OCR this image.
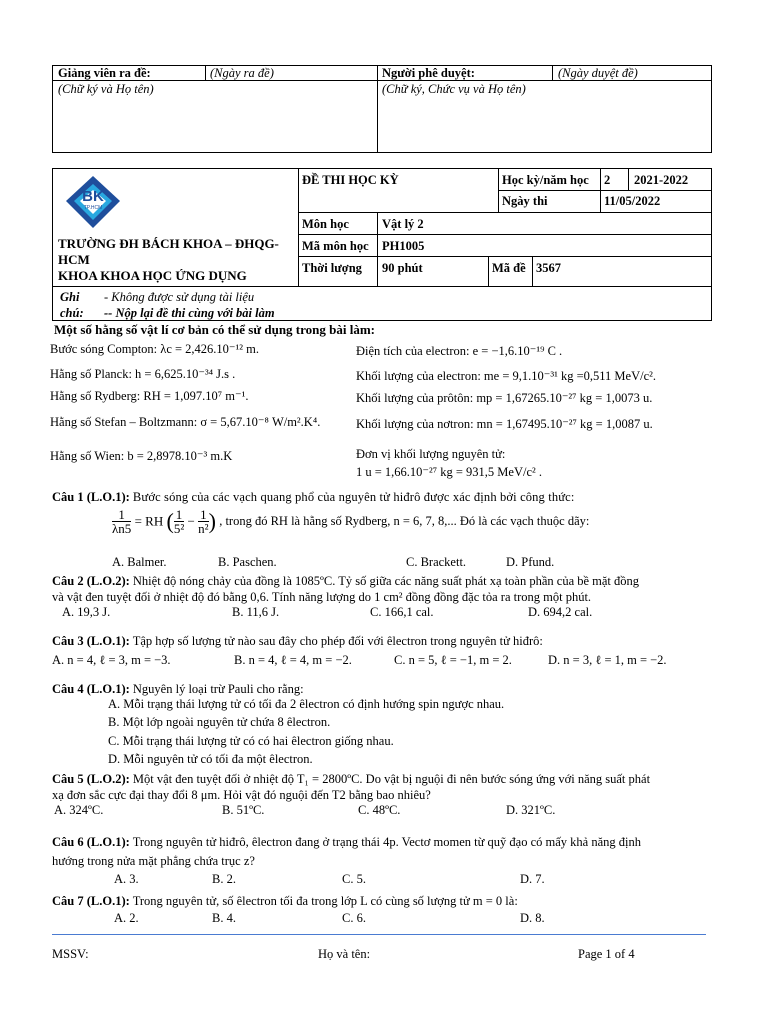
Giảng viên ra đề:	(Ngày ra đề)
(Chữ ký và Họ tên)
Người phê duyệt:	(Ngày duyệt đề)
(Chữ ký, Chức vụ và Họ tên)
BK
TP.HCM
TRƯỜNG ĐH BÁCH KHOA – ĐHQG-
HCM
KHOA KHOA HỌC ỨNG DỤNG
ĐỀ THI HỌC KỲ	Học kỳ/năm học 2 2021-2022
Ngày thi	11/05/2022
Môn học	Vật lý 2
Mã môn học PH1005
Thời lượng 90 phút	Mã đề 3567
Ghi
chú:
- Không được sử dụng tài liệu
-- Nộp lại đề thi cùng với bài làm
Một số hằng số vật lí cơ bản có thể sử dụng trong bài làm:
Bước sóng Compton: λc = 2,426.10⁻¹² m.
Hằng số Planck: h = 6,625.10⁻³⁴ J.s .
Hằng số Rydberg: RH = 1,097.10⁷ m⁻¹.
Hằng số Stefan – Boltzmann: σ = 5,67.10⁻⁸ W/m².K⁴.
Hằng số Wien: b = 2,8978.10⁻³ m.K
Điện tích của electron: e = −1,6.10⁻¹⁹ C .
Khối lượng của electron: me = 9,1.10⁻³¹ kg =0,511 MeV/c².
Khối lượng của prôtôn: mp = 1,67265.10⁻²⁷ kg = 1,0073 u.
Khối lượng của nơtron: mn = 1,67495.10⁻²⁷ kg = 1,0087 u.
Đơn vị khối lượng nguyên tử:
1 u = 1,66.10⁻²⁷ kg = 931,5 MeV/c² .
Câu 1 (L.O.1): Bước sóng của các vạch quang phổ của nguyên tử hiđrô được xác định bởi công thức:
$\frac{1}{\lambda n5}$ = RH ( $\frac{1}{\text{5²}} - \frac{1}{\text{n²}}$ ) , trong đó RH là hằng số Rydberg, n = 6, 7, 8,... Đó là các vạch thuộc dãy:
A. Balmer.	B. Paschen.	C. Brackett.	D. Pfund.
Câu 2 (L.O.2): Nhiệt độ nóng chảy của đồng là 1085ºC. Tỷ số giữa các năng suất phát xạ toàn phần của bề mặt đồng
và vật đen tuyệt đối ở nhiệt độ đó bằng 0,6. Tính năng lượng do 1 cm² đồng đồng đặc tỏa ra trong một phút.
A. 19,3 J.	B. 11,6 J.	C. 166,1 cal.	D. 694,2 cal.
Câu 3 (L.O.1): Tập hợp số lượng tử nào sau đây cho phép đối với êlectron trong nguyên tử hiđrô:
A. n = 4, ℓ = 3, m = −3.	B. n = 4, ℓ = 4, m = −2.	C. n = 5, ℓ = −1, m = 2.	D. n = 3, ℓ = 1, m = −2.
Câu 4 (L.O.1): Nguyên lý loại trừ Pauli cho rằng:
A. Mỗi trạng thái lượng tử có tối đa 2 êlectron có định hướng spin ngược nhau.
B. Một lớp ngoài nguyên tử chứa 8 êlectron.
C. Mỗi trạng thái lượng tử có có hai êlectron giống nhau.
D. Mỗi nguyên tử có tối đa một êlectron.
Câu 5 (L.O.2): Một vật đen tuyệt đối ở nhiệt độ T₁ = 2800ºC. Do vật bị nguội đi nên bước sóng ứng với năng suất phát
xạ đơn sắc cực đại thay đổi 8 μm. Hỏi vật đó nguội đến T2 bằng bao nhiêu?
A. 324ºC.	B. 51ºC.	C. 48ºC.	D. 321ºC.
Câu 6 (L.O.1): Trong nguyên tử hiđrô, êlectron đang ở trạng thái 4p. Vectơ momen từ quỹ đạo có mấy khả năng định
hướng trong nửa mặt phẳng chứa trục z?
A. 3.	B. 2.	C. 5.	D. 7.
Câu 7 (L.O.1): Trong nguyên tử, số êlectron tối đa trong lớp L có cùng số lượng tử m = 0 là:
A. 2.	B. 4.	C. 6.	D. 8.
MSSV:	Họ và tên:	Page 1 of 4
